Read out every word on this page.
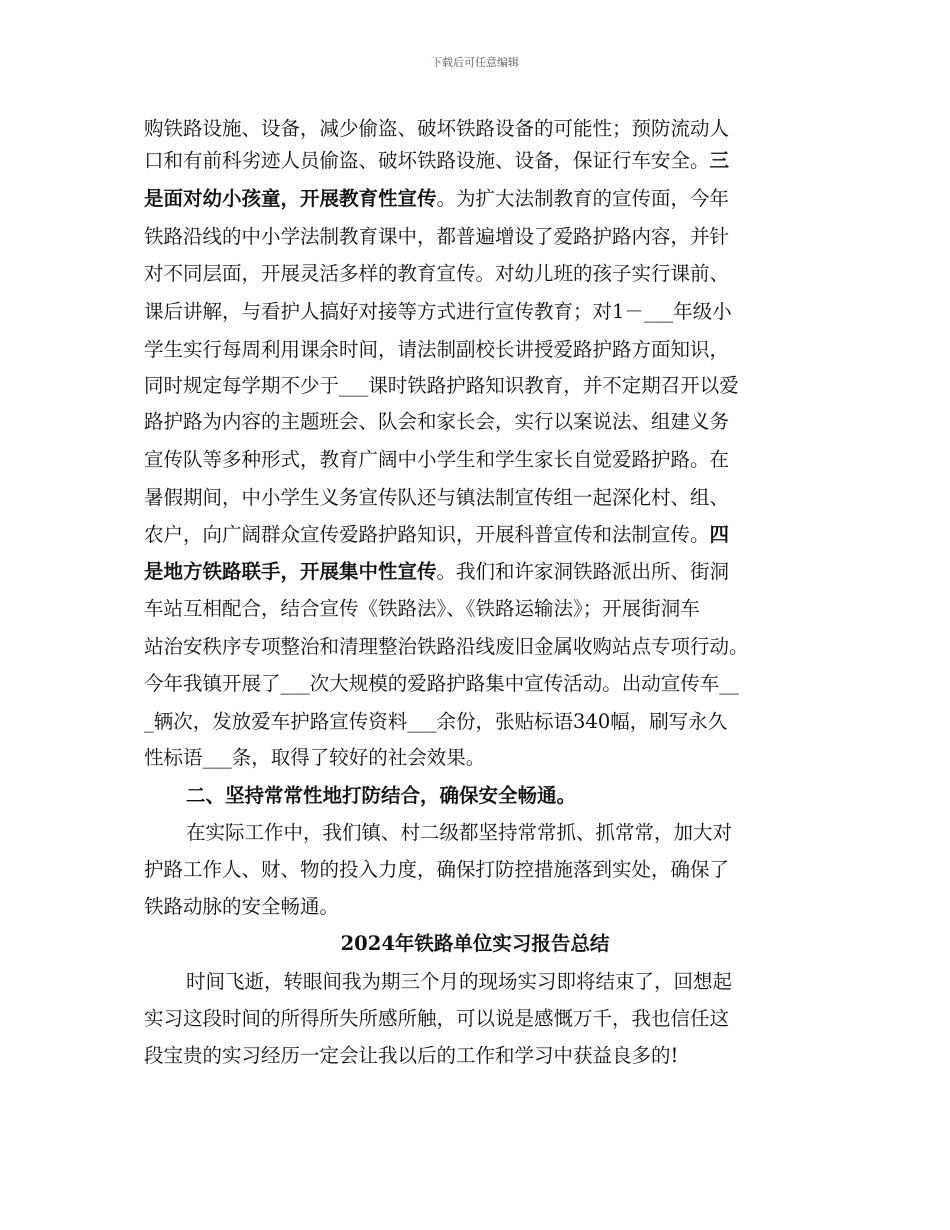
下载后可任意编辑
购铁路设施、设备，减少偷盗、破坏铁路设备的可能性；预防流动人
口和有前科劣迹人员偷盗、破坏铁路设施、设备，保证行车安全。三
是面对幼小孩童，开展教育性宣传。为扩大法制教育的宣传面，今年
铁路沿线的中小学法制教育课中，都普遍增设了爱路护路内容，并针
对不同层面，开展灵活多样的教育宣传。对幼儿班的孩子实行课前、
课后讲解，与看护人搞好对接等方式进行宣传教育；对1－___年级小
学生实行每周利用课余时间，请法制副校长讲授爱路护路方面知识，
同时规定每学期不少于___课时铁路护路知识教育，并不定期召开以爱
路护路为内容的主题班会、队会和家长会，实行以案说法、组建义务
宣传队等多种形式，教育广阔中小学生和学生家长自觉爱路护路。在
暑假期间，中小学生义务宣传队还与镇法制宣传组一起深化村、组、
农户，向广阔群众宣传爱路护路知识，开展科普宣传和法制宣传。四
是地方铁路联手，开展集中性宣传。我们和许家洞铁路派出所、街洞
车站互相配合，结合宣传《铁路法》、《铁路运输法》；开展街洞车
站治安秩序专项整治和清理整治铁路沿线废旧金属收购站点专项行动。
今年我镇开展了___次大规模的爱路护路集中宣传活动。出动宣传车__
_辆次，发放爱车护路宣传资料___余份，张贴标语340幅，刷写永久
性标语___条，取得了较好的社会效果。
二、坚持常常性地打防结合，确保安全畅通。
在实际工作中，我们镇、村二级都坚持常常抓、抓常常，加大对
护路工作人、财、物的投入力度，确保打防控措施落到实处，确保了
铁路动脉的安全畅通。
2024年铁路单位实习报告总结
时间飞逝，转眼间我为期三个月的现场实习即将结束了，回想起
实习这段时间的所得所失所感所触，可以说是感慨万千，我也信任这
段宝贵的实习经历一定会让我以后的工作和学习中获益良多的!
